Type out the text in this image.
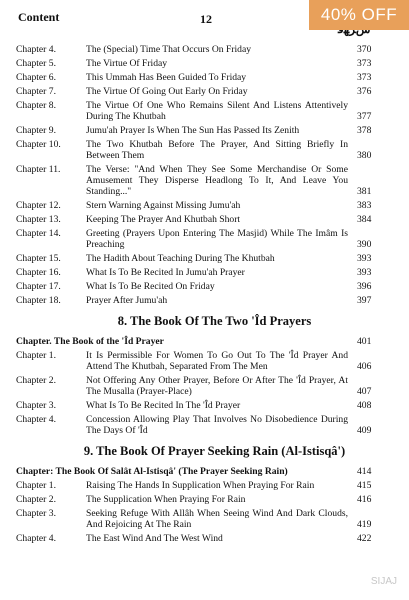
Content	12	40% OFF
Chapter 4.	The (Special) Time That Occurs On Friday	370
Chapter 5.	The Virtue Of Friday	373
Chapter 6.	This Ummah Has Been Guided To Friday	373
Chapter 7.	The Virtue Of Going Out Early On Friday	376
Chapter 8.	The Virtue Of One Who Remains Silent And Listens Attentively During The Khutbah	377
Chapter 9.	Jumu'ah Prayer Is When The Sun Has Passed Its Zenith	378
Chapter 10.	The Two Khutbah Before The Prayer, And Sitting Briefly In Between Them	380
Chapter 11.	The Verse: "And When They See Some Merchandise Or Some Amusement They Disperse Headlong To It, And Leave You Standing..."	381
Chapter 12.	Stern Warning Against Missing Jumu'ah	383
Chapter 13.	Keeping The Prayer And Khutbah Short	384
Chapter 14.	Greeting (Prayers Upon Entering The Masjid) While The Imâm Is Preaching	390
Chapter 15.	The Hadith About Teaching During The Khutbah	393
Chapter 16.	What Is To Be Recited In Jumu'ah Prayer	393
Chapter 17.	What Is To Be Recited On Friday	396
Chapter 18.	Prayer After Jumu'ah	397
8. The Book Of The Two 'Îd Prayers
Chapter. The Book of the 'Îd Prayer	401
Chapter 1.	It Is Permissible For Women To Go Out To The 'Îd Prayer And Attend The Khutbah, Separated From The Men	406
Chapter 2.	Not Offering Any Other Prayer, Before Or After The 'Îd Prayer, At The Musalla (Prayer-Place)	407
Chapter 3.	What Is To Be Recited In The 'Îd Prayer	408
Chapter 4.	Concession Allowing Play That Involves No Disobedience During The Days Of 'Îd	409
9. The Book Of Prayer Seeking Rain (Al-Istisqâ')
Chapter: The Book Of Salât Al-Istisqâ' (The Prayer Seeking Rain)	414
Chapter 1.	Raising The Hands In Supplication When Praying For Rain	415
Chapter 2.	The Supplication When Praying For Rain	416
Chapter 3.	Seeking Refuge With Allâh When Seeing Wind And Dark Clouds, And Rejoicing At The Rain	419
Chapter 4.	The East Wind And The West Wind	422
SIJAJ
